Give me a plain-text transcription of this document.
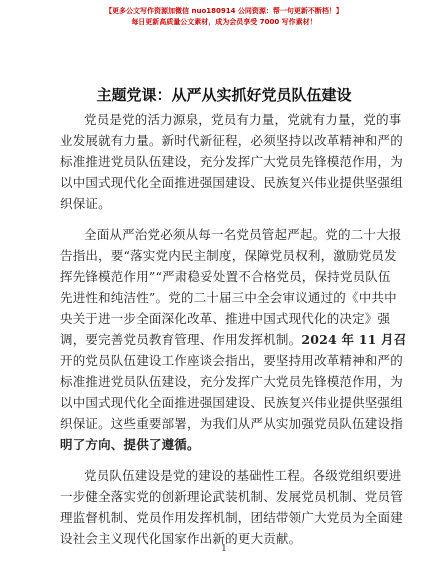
【更多公文写作资源加微信 nuo180914 公同资源：帮一句更新不断档！】
每日更新高质量公文素材，成为会员享受 7000 写作素材！
主题党课：从严从实抓好党员队伍建设
党员是党的活力源泉，党员有力量，党就有力量，党的事
业发展就有力量。新时代新征程，必须坚持以改革精神和严的
标准推进党员队伍建设，充分发挥广大党员先锋模范作用，为
以中国式现代化全面推进强国建设、民族复兴伟业提供坚强组
织保证。
全面从严治党必须从每一名党员管起严起。党的二十大报
告指出，要“落实党内民主制度，保障党员权利，激励党员发
挥先锋模范作用”“严肃稳妥处置不合格党员，保持党员队伍
先进性和纯洁性”。党的二十届三中全会审议通过的《中共中
央关于进一步全面深化改革、推进中国式现代化的决定》强
调，要完善党员教育管理、作用发挥机制。2024 年 11 月召
开的党员队伍建设工作座谈会指出，要坚持用改革精神和严的
标准推进党员队伍建设，充分发挥广大党员先锋模范作用，为
以中国式现代化全面推进强国建设、民族复兴伟业提供坚强组
织保证。这些重要部署，为我们从严从实加强党员队伍建设指
明了方向、提供了遵循。
党员队伍建设是党的建设的基础性工程。各级党组织要进
一步健全落实党的创新理论武装机制、发展党员机制、党员管
理监督机制、党员作用发挥机制，团结带领广大党员为全面建
设社会主义现代化国家作出新的更大贡献。
1
